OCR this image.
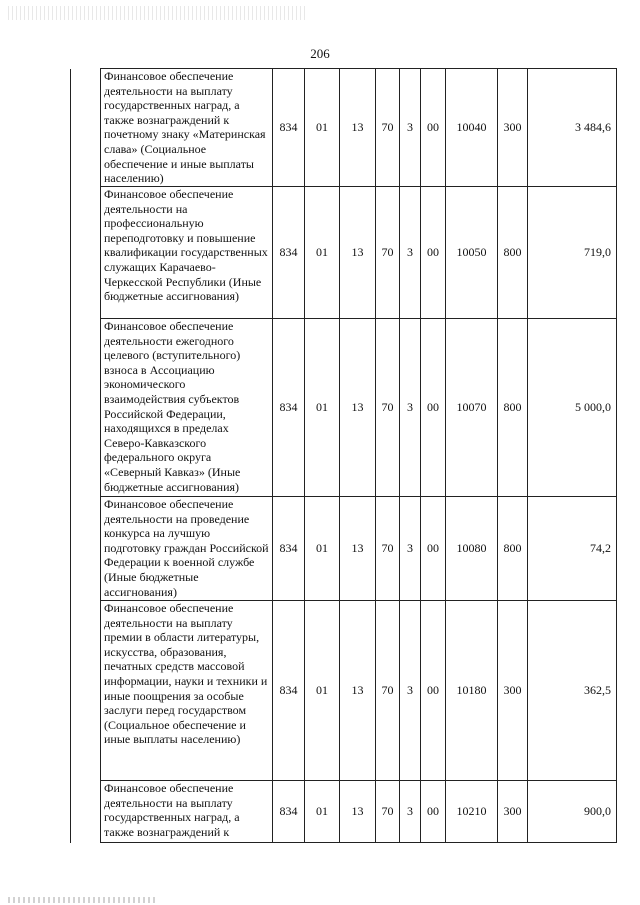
206
	Финансовое обеспечение деятельности на выплату государственных наград, а также вознаграждений к почетному знаку «Материнская слава» (Социальное обеспечение и иные выплаты населению)	834	01	13	70	3	00	10040	300	3 484,6
	Финансовое обеспечение деятельности на профессиональную переподготовку и повышение квалификации государственных служащих Карачаево-Черкесской Республики (Иные бюджетные ассигнования)	834	01	13	70	3	00	10050	800	719,0
	Финансовое обеспечение деятельности ежегодного целевого (вступительного) взноса в Ассоциацию экономического взаимодействия субъектов Российской Федерации, находящихся в пределах Северо-Кавказского федерального округа «Северный Кавказ» (Иные бюджетные ассигнования)	834	01	13	70	3	00	10070	800	5 000,0
	Финансовое обеспечение деятельности на проведение конкурса на лучшую подготовку граждан Российской Федерации к военной службе (Иные бюджетные ассигнования)	834	01	13	70	3	00	10080	800	74,2
	Финансовое обеспечение деятельности на выплату премии в области литературы, искусства, образования, печатных средств массовой информации, науки и техники и иные поощрения за особые заслуги перед государством (Социальное обеспечение и иные выплаты населению)	834	01	13	70	3	00	10180	300	362,5
	Финансовое обеспечение деятельности на выплату государственных наград, а также вознаграждений к	834	01	13	70	3	00	10210	300	900,0
